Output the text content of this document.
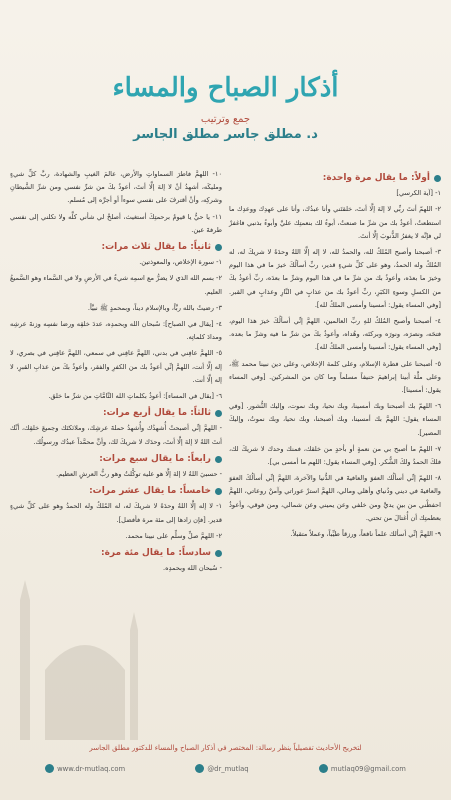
أذكار الصباح والمساء
جمع وترتيب
د. مطلق جاسر مطلق الجاسر
أولاً: ما يقال مرة واحدة:
١- [آية الكرسي]
٢- اللهمّ أنتَ ربِّي لا إلهَ إلَّا أنتَ، خلقتَني وأنا عبدُك، وأنا على عهدِك ووعدِك ما استطعتُ، أعوذُ بك من شرِّ ما صنعتُ، أبوءُ لك بنعمتِك عليَّ وأبوءُ بذنبي فاغفرْ لي فإنَّه لا يغفرُ الذُّنوبَ إلَّا أنتَ.
٣- أصبحنا وأصبح المُلكُ لله، والحمدُ لله، لا إله إلَّا اللهُ وحدَهُ لا شريكَ له، له المُلكُ وله الحمدُ، وهو على كلِّ شيءٍ قدير، ربِّ أسألُكَ خيرَ ما في هذا اليوم وخيرَ ما بعدَه، وأعوذُ بك من شرِّ ما في هذا اليوم وشرِّ ما بعدَه، ربِّ أعوذُ بكَ من الكسلِ وسوءِ الكبَرِ، ربِّ أعوذُ بك من عذابٍ في النَّارِ وعذابٍ في القبر. [وفي المساء يقول: أمسينا وأمسى الملكُ لله].
٤- أصبحنا وأصبح المُلكُ للهِ ربِّ العالمين، اللهمَّ إنِّي أسألُكَ خيرَ هذا اليوم، فتحَه، ونصرَه، ونورَه وبركتَه، وهُداه، وأعوذُ بكَ من شرِّ ما فيه وشرِّ ما بعده. [وفي المساء يقول: أمسينا وأمسى الملكُ لله].
٥- أصبحنا على فطرة الإسلام، وعلى كلمة الإخلاص، وعلى دين نبينا محمد ﷺ، وعلى ملَّة أبينا إبراهيمَ حنيفاً مسلماً وما كان من المشركين. [وفي المساء يقول: أمسينا].
٦- اللهمّ بك أصبحنا وبك أمسينا، وبك نحيا، وبك نموت، وإليك النُّشور. [وفي المساء يقول: اللهمَّ بك أمسينا، وبك أصبحنا، وبك نحيا، وبك نموتُ، وإليكَ المصير].
٧- اللهمّ ما أصبح بي من نعمةٍ أو بأحدٍ من خلقك، فمنك وحدك لا شريكَ لك، فلكَ الحمدُ ولكَ الشُّكر. [وفي المساء يقول: اللهم ما أمسى بي].
٨- اللهمّ إنِّي أسألُك العفوَ والعافيةَ في الدُّنيا والآخرة، اللهمَّ إنِّي أسألُكَ العفوَ والعافيةَ في ديني ودُنياي وأهلي ومالي، اللهمَّ استرْ عوراتي وآمنْ روعاتي، اللهمَّ احفظْني من بينِ يديَّ ومن خلفي وعن يميني وعن شمالي، ومن فوقي، وأعوذُ بعظمتِك أن أُغتالَ من تحتي.
٩- اللهمَّ إنِّي أسألك علماً نافعاً، ورزقاً طيِّباً، وعملاً متقبلاً.
١٠- اللهمَّ فاطرَ السماواتِ والأرض، عالمَ الغيبِ والشهادة، ربَّ كلِّ شيءٍ ومليكَه، أشهدُ أنْ لا إلهَ إلَّا أنتَ، أعوذُ بكَ من شرِّ نفسي ومن شرِّ الشَّيطانِ وشركِه، وأنْ أقترفَ على نفسي سوءاً أو أجرَّه إلى مُسلم.
١١- يا حيُّ يا قيومُ برحمتِكَ أستغيث، أصلحْ لي شأني كلَّه ولا تكلني إلى نفسي طرفةَ عين.
ثانياً: ما يقال ثلاث مرات:
١- سورة الإخلاص، والمعوذتين.
٢- بسم الله الذي لا يضرُّ مع اسمِه شيءٌ في الأرضِ ولا في السَّماء وهو السَّميعُ العليم.
٣- رضيتُ بالله ربَّاً، وبالإسلام ديناً، وبمحمدٍ ﷺ نبيَّاً.
٤- [يقال في الصباح]: سُبحان الله وبحمدِه، عددَ خلقِه ورضا نفسِه وزنةَ عرشِه ومدادَ كلماتِه.
٥- اللهمَّ عافِني في بدني، اللهمَّ عافِني في سمعي، اللهمَّ عافِني في بصري، لا إله إلَّا أنت، اللهمَّ إنِّي أعوذُ بك من الكفرِ والفقر، وأعوذُ بكَ من عذابِ القبرِ، لا إله إلَّا أنت.
٦- [يقال في المساء]: أعوذُ بكلماتِ الله التَّامَّاتِ من شرِّ ما خلق.
ثالثاً: ما يقال أربع مرات:
- اللهمَّ إنِّي أصبحتُ أُشهدُك وأُشهدُ حملةَ عرشِك، وملائكتَك وجميعَ خلقِك، أنَّك أنتَ اللهُ لا إلهَ إلَّا أنتَ، وحدَك لا شريكَ لك، وأنَّ محمَّداً عبدُك ورسولُك.
رابعاً: ما يقال سبع مرات:
- حسبيَ اللهُ لا إلهَ إلَّا هو عليه توكَّلتُ وهو ربُّ العرشِ العظيم.
خامساً: ما يقال عشر مرات:
١- لا إله إلَّا اللهُ وحدَهُ لا شريكَ له، له المُلكُ وله الحمدُ وهو على كلِّ شيءٍ قدير. [فإن زادها إلى مئة مرة فأفضل].
٢- اللهمَّ صلِّ وسلِّم على نبينا محمد.
سادساً: ما يقال مئة مرة:
- سُبحان الله وبحمدِه.
لتخريج الأحاديث تفصيلياً ينظر رسالة: المختصر في أذكار الصباح والمساء للدكتور مطلق الجاسر
www.dr-mutlaq.com	@dr_mutlaq	mutlaq09@gmail.com
